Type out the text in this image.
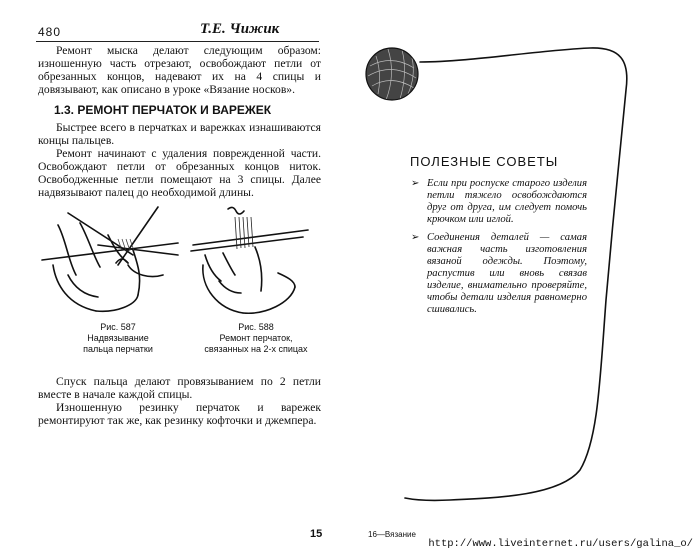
480	Т.Е. Чижик

Ремонт мыска делают следующим образом: изношенную часть отрезают, освобождают петли от обрезанных концов, надевают их на 4 спицы и довязывают, как описано в уроке «Вязание носков».

1.3. РЕМОНТ ПЕРЧАТОК И ВАРЕЖЕК

Быстрее всего в перчатках и варежках изнашиваются концы пальцев.

Ремонт начинают с удаления поврежденной части. Освобождают петли от обрезанных концов ниток. Освободженные петли помещают на 3 спицы. Далее надвязывают палец до необходимой длины.

Рис. 587
Надвязывание
пальца перчатки
Рис. 588
Ремонт перчаток,
связанных на 2-х спицах

Спуск пальца делают провязыванием по 2 петли вместе в начале каждой спицы.

Изношенную резинку перчаток и варежек ремонтируют так же, как резинку кофточки и джемпера.

15
ПОЛЕЗНЫЕ СОВЕТЫ
➢ Если при роспуске старого изделия петли тяжело освобождаются друг от друга, им следует помочь крючком или иглой.
➢ Соединения деталей — самая важная часть изготовления вязаной одежды. Поэтому, распустив или вновь связав изделие, внимательно проверяйте, чтобы детали изделия равномерно сшивались.
16—Вязание
http://www.liveinternet.ru/users/galina_o/
